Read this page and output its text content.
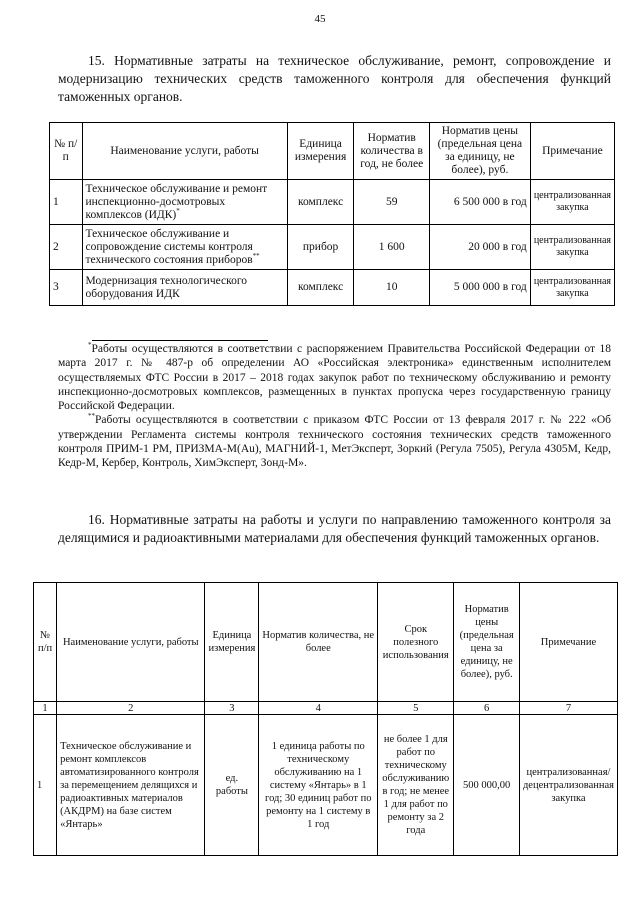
45
15. Нормативные затраты на техническое обслуживание, ремонт, сопровождение и модернизацию технических средств таможенного контроля для обеспечения функций таможенных органов.
№ п/п	Наименование услуги, работы	Единица измерения	Норматив количества в год, не более	Норматив цены (предельная цена за единицу, не более), руб.	Примечание
1	Техническое обслуживание и ремонт инспекционно-досмотровых комплексов (ИДК)*	комплекс	59	6 500 000 в год	централизованная закупка
2	Техническое обслуживание и сопровождение системы контроля технического состояния приборов**	прибор	1 600	20 000 в год	централизованная закупка
3	Модернизация технологического оборудования ИДК	комплекс	10	5 000 000 в год	централизованная закупка

*Работы осуществляются в соответствии с распоряжением Правительства Российской Федерации от 18 марта 2017 г. № 487-р об определении АО «Российская электроника» единственным исполнителем осуществляемых ФТС России в 2017 – 2018 годах закупок работ по техническому обслуживанию и ремонту инспекционно-досмотровых комплексов, размещенных в пунктах пропуска через государственную границу Российской Федерации.

**Работы осуществляются в соответствии с приказом ФТС России от 13 февраля 2017 г. № 222 «Об утверждении Регламента системы контроля технического состояния технических средств таможенного контроля ПРИМ-1 РМ, ПРИЗМА-М(Au), МАГНИЙ-1, МетЭксперт, Зоркий (Регула 7505), Регула 4305М, Кедр, Кедр-М, Кербер, Контроль, ХимЭксперт, Зонд-М».

16. Нормативные затраты на работы и услуги по направлению таможенного контроля за делящимися и радиоактивными материалами для обеспечения функций таможенных органов.
№ п/п	Наименование услуги, работы	Единица измерения	Норматив количества, не более	Срок полезного использования	Норматив цены (предельная цена за единицу, не более), руб.	Примечание
1	2	3	4	5	6	7
1	Техническое обслуживание и ремонт комплексов автоматизированного контроля за перемещением делящихся и радиоактивных материалов (АКДРМ) на базе систем «Янтарь»	ед. работы	1 единица работы по техническому обслуживанию на 1 систему «Янтарь» в 1 год; 30 единиц работ по ремонту на 1 систему в 1 год	не более 1 для работ по техническому обслуживанию в год; не менее 1 для работ по ремонту за 2 года	500 000,00	централизованная/ децентрализованная закупка
